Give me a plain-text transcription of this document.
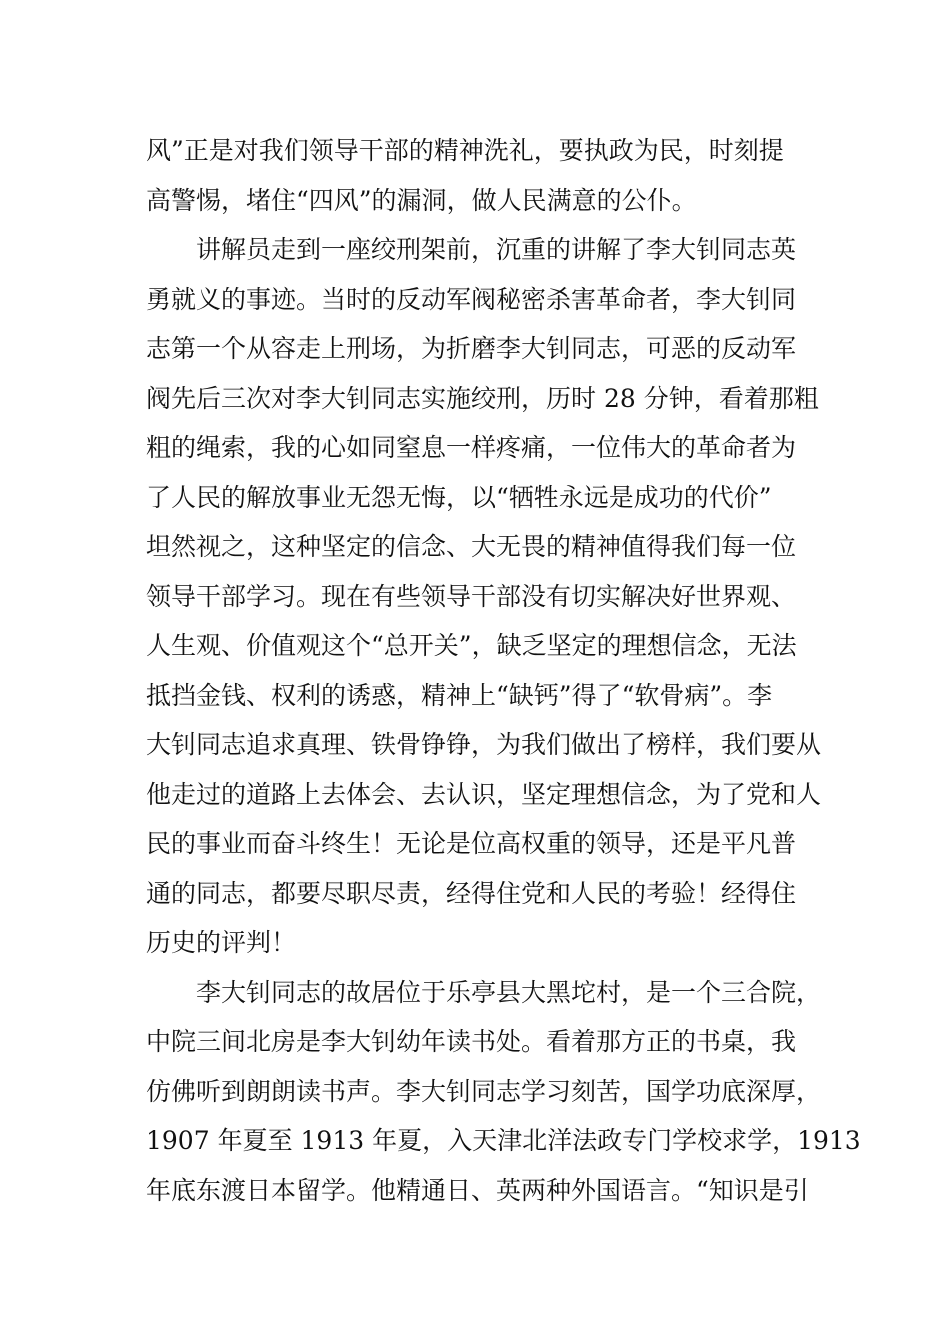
风”正是对我们领导干部的精神洗礼，要执政为民，时刻提
高警惕，堵住“四风”的漏洞，做人民满意的公仆。
讲解员走到一座绞刑架前，沉重的讲解了李大钊同志英
勇就义的事迹。当时的反动军阀秘密杀害革命者，李大钊同
志第一个从容走上刑场，为折磨李大钊同志，可恶的反动军
阀先后三次对李大钊同志实施绞刑，历时 28 分钟，看着那粗
粗的绳索，我的心如同窒息一样疼痛，一位伟大的革命者为
了人民的解放事业无怨无悔，以“牺牲永远是成功的代价”
坦然视之，这种坚定的信念、大无畏的精神值得我们每一位
领导干部学习。现在有些领导干部没有切实解决好世界观、
人生观、价值观这个“总开关”，缺乏坚定的理想信念，无法
抵挡金钱、权利的诱惑，精神上“缺钙”得了“软骨病”。李
大钊同志追求真理、铁骨铮铮，为我们做出了榜样，我们要从
他走过的道路上去体会、去认识，坚定理想信念，为了党和人
民的事业而奋斗终生！无论是位高权重的领导，还是平凡普
通的同志，都要尽职尽责，经得住党和人民的考验！经得住
历史的评判！
李大钊同志的故居位于乐亭县大黑坨村，是一个三合院，
中院三间北房是李大钊幼年读书处。看着那方正的书桌，我
仿佛听到朗朗读书声。李大钊同志学习刻苦，国学功底深厚，
1907 年夏至 1913 年夏，入天津北洋法政专门学校求学，1913
年底东渡日本留学。他精通日、英两种外国语言。“知识是引
